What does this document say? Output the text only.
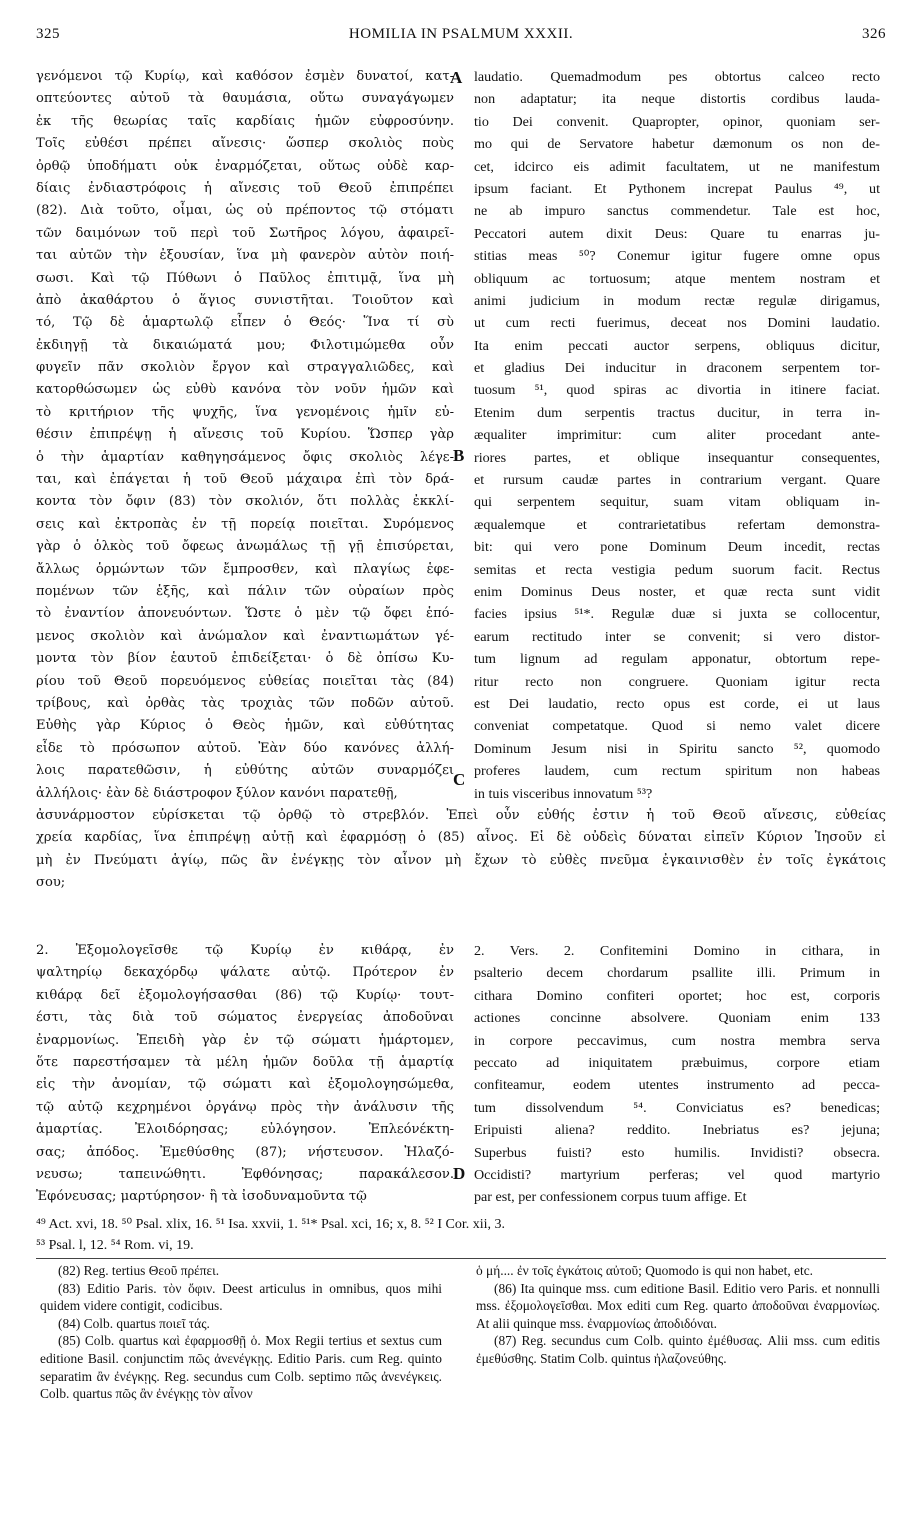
325	HOMILIA IN PSALMUM XXXII.	326
γενόμενοι τῷ Κυρίῳ, καὶ καθόσον ἐσμὲν δυνατοί, κατ-
οπτεύοντες αὐτοῦ τὰ θαυμάσια, οὕτω συναγάγωμεν
ἐκ τῆς θεωρίας ταῖς καρδίαις ἡμῶν εὐφροσύνην.
Τοῖς εὐθέσι πρέπει αἴνεσις· ὥσπερ σκολιὸς ποὺς
ὀρθῷ ὑποδήματι οὐκ ἐναρμόζεται, οὕτως οὐδὲ καρ-
δίαις ἐνδιαστρόφοις ἡ αἴνεσις τοῦ Θεοῦ ἐπιπρέπει
(82). Διὰ τοῦτο, οἶμαι, ὡς οὐ πρέποντος τῷ στόματι
τῶν δαιμόνων τοῦ περὶ τοῦ Σωτῆρος λόγου, ἀφαιρεῖ-
ται αὐτῶν τὴν ἐξουσίαν, ἵνα μὴ φανερὸν αὐτὸν ποιή-
σωσι. Καὶ τῷ Πύθωνι ὁ Παῦλος ἐπιτιμᾷ, ἵνα μὴ
ἀπὸ ἀκαθάρτου ὁ ἅγιος συνιστῆται. Τοιοῦτον καὶ
τό, Τῷ δὲ ἁμαρτωλῷ εἶπεν ὁ Θεός· Ἵνα τί σὺ
ἐκδιηγῇ τὰ δικαιώματά μου; Φιλοτιμώμεθα οὖν
φυγεῖν πᾶν σκολιὸν ἔργον καὶ στραγγαλιῶδες, καὶ
κατορθώσωμεν ὡς εὐθὺ κανόνα τὸν νοῦν ἡμῶν καὶ
τὸ κριτήριον τῆς ψυχῆς, ἵνα γενομένοις ἡμῖν εὐ-
θέσιν ἐπιπρέψῃ ἡ αἴνεσις τοῦ Κυρίου. Ὥσπερ γὰρ
ὁ τὴν ἁμαρτίαν καθηγησάμενος ὄφις σκολιὸς λέγε-
ται, καὶ ἐπάγεται ἡ τοῦ Θεοῦ μάχαιρα ἐπὶ τὸν δρά-
κοντα τὸν ὄφιν (83) τὸν σκολιόν, ὅτι πολλὰς ἐκκλί-
σεις καὶ ἐκτροπὰς ἐν τῇ πορείᾳ ποιεῖται. Συρόμενος
γὰρ ὁ ὁλκὸς τοῦ ὄφεως ἀνωμάλως τῇ γῇ ἐπισύρεται,
ἄλλως ὁρμώντων τῶν ἔμπροσθεν, καὶ πλαγίως ἑφε-
πομένων τῶν ἑξῆς, καὶ πάλιν τῶν οὐραίων πρὸς
τὸ ἐναντίον ἀπονευόντων. Ὥστε ὁ μὲν τῷ ὄφει ἑπό-
μενος σκολιὸν καὶ ἀνώμαλον καὶ ἐναντιωμάτων γέ-
μοντα τὸν βίον ἑαυτοῦ ἐπιδείξεται· ὁ δὲ ὀπίσω Κυ-
ρίου τοῦ Θεοῦ πορευόμενος εὐθείας ποιεῖται τὰς (84)
τρίβους, καὶ ὀρθὰς τὰς τροχιὰς τῶν ποδῶν αὐτοῦ.
Εὐθὴς γὰρ Κύριος ὁ Θεὸς ἡμῶν, καὶ εὐθύτητας
εἶδε τὸ πρόσωπον αὐτοῦ. Ἐὰν δύο κανόνες ἀλλή-
λοις παρατεθῶσιν, ἡ εὐθύτης αὐτῶν συναρμόζει
ἀλλήλοις· ἐὰν δὲ διάστροφον ξύλον κανόνι παρατεθῇ,
laudatio. Quemadmodum pes obtortus calceo recto
non adaptatur; ita neque distortis cordibus lauda-
tio Dei convenit. Quapropter, opinor, quoniam ser-
mo qui de Servatore habetur dæmonum os non de-
cet, idcirco eis adimit facultatem, ut ne manifestum
ipsum faciant. Et Pythonem increpat Paulus ⁴⁹, ut
ne ab impuro sanctus commendetur. Tale est hoc,
Peccatori autem dixit Deus: Quare tu enarras ju-
stitias meas ⁵⁰? Conemur igitur fugere omne opus
obliquum ac tortuosum; atque mentem nostram et
animi judicium in modum rectæ regulæ dirigamus,
ut cum recti fuerimus, deceat nos Domini laudatio.
Ita enim peccati auctor serpens, obliquus dicitur,
et gladius Dei inducitur in draconem serpentem tor-
tuosum ⁵¹, quod spiras ac divortia in itinere faciat.
Etenim dum serpentis tractus ducitur, in terra in-
æqualiter imprimitur: cum aliter procedant ante-
riores partes, et oblique insequantur consequentes,
et rursum caudæ partes in contrarium vergant. Quare
qui serpentem sequitur, suam vitam obliquam in-
æqualemque et contrarietatibus refertam demonstra-
bit: qui vero pone Dominum Deum incedit, rectas
semitas et recta vestigia pedum suorum facit. Rectus
enim Dominus Deus noster, et quæ recta sunt vidit
facies ipsius ⁵¹*. Regulæ duæ si juxta se collocentur,
earum rectitudo inter se convenit; si vero distor-
tum lignum ad regulam apponatur, obtortum repe-
ritur recto non congruere. Quoniam igitur recta
est Dei laudatio, recto opus est corde, ei ut laus
conveniat competatque. Quod si nemo valet dicere
Dominum Jesum nisi in Spiritu sancto ⁵², quomodo
proferes laudem, cum rectum spiritum non habeas
in tuis visceribus innovatum ⁵³?
A
B
C
D
ἀσυνάρμοστον εὑρίσκεται τῷ ὀρθῷ τὸ στρεβλόν. Ἐπεὶ οὖν εὐθής ἐστιν ἡ τοῦ Θεοῦ αἴνεσις, εὐθείας
χρεία καρδίας, ἵνα ἐπιπρέψῃ αὐτῇ καὶ ἐφαρμόσῃ ὁ (85) αἶνος. Εἰ δὲ οὐδεὶς δύναται εἰπεῖν Κύριον Ἰησοῦν εἰ
μὴ ἐν Πνεύματι ἁγίῳ, πῶς ἂν ἐνέγκῃς τὸν αἶνον μὴ ἔχων τὸ εὐθὲς πνεῦμα ἐγκαινισθὲν ἐν τοῖς ἐγκάτοις
σου;
2. Ἐξομολογεῖσθε τῷ Κυρίῳ ἐν κιθάρᾳ, ἐν
ψαλτηρίῳ δεκαχόρδῳ ψάλατε αὐτῷ. Πρότερον ἐν
κιθάρᾳ δεῖ ἐξομολογήσασθαι (86) τῷ Κυρίῳ· τουτ-
έστι, τὰς διὰ τοῦ σώματος ἐνεργείας ἀποδοῦναι
ἐναρμονίως. Ἐπειδὴ γὰρ ἐν τῷ σώματι ἡμάρτομεν,
ὅτε παρεστήσαμεν τὰ μέλη ἡμῶν δοῦλα τῇ ἁμαρτίᾳ
εἰς τὴν ἀνομίαν, τῷ σώματι καὶ ἐξομολογησώμεθα,
τῷ αὐτῷ κεχρημένοι ὀργάνῳ πρὸς τὴν ἀνάλυσιν τῆς
ἁμαρτίας. Ἐλοιδόρησας; εὐλόγησον. Ἐπλεόνέκτη-
σας; ἀπόδος. Ἐμεθύσθης (87); νήστευσον. Ἠλαζό-
νευσω; ταπεινώθητι. Ἐφθόνησας; παρακάλεσον.
Ἐφόνευσας; μαρτύρησον· ἢ τὰ ἰσοδυναμοῦντα τῷ
2. Vers. 2. Confitemini Domino in cithara, in
psalterio decem chordarum psallite illi. Primum in
cithara Domino confiteri oportet; hoc est, corporis
actiones concinne absolvere. Quoniam enim 133
in corpore peccavimus, cum nostra membra serva
peccato ad iniquitatem præbuimus, corpore etiam
confiteamur, eodem utentes instrumento ad pecca-
tum dissolvendum ⁵⁴. Conviciatus es? benedicas;
Eripuisti aliena? reddito. Inebriatus es? jejuna;
Superbus fuisti? esto humilis. Invidisti? obsecra.
Occidisti? martyrium perferas; vel quod martyrio
par est, per confessionem corpus tuum affige. Et
⁴⁹ Act. xvi, 18. ⁵⁰ Psal. xlix, 16. ⁵¹ Isa. xxvii, 1. ⁵¹* Psal. xci, 16; x, 8. ⁵² I Cor. xii, 3.
⁵³ Psal. l, 12. ⁵⁴ Rom. vi, 19.
(82) Reg. tertius Θεοῦ πρέπει.
(83) Editio Paris. τὸν ὄφιν. Deest articulus in omnibus, quos mihi quidem videre contigit, codicibus.
(84) Colb. quartus ποιεῖ τάς.
(85) Colb. quartus καὶ ἐφαρμοσθῇ ὁ. Mox Regii tertius et sextus cum editione Basil. conjunctim πῶς ἀνενέγκῃς. Editio Paris. cum Reg. quinto separatim ἂν ἐνέγκῃς. Reg. secundus cum Colb. septimo πῶς ἀνενέγκεις. Colb. quartus πῶς ἂν ἐνέγκῃς τὸν αἶνον
ὁ μή.... ἐν τοῖς ἐγκάτοις αὐτοῦ; Quomodo is qui non habet, etc.
(86) Ita quinque mss. cum editione Basil. Editio vero Paris. et nonnulli mss. ἐξομολογεῖσθαι. Mox editi cum Reg. quarto ἀποδοῦναι ἐναρμονίως. At alii quinque mss. ἐναρμονίως ἀποδιδόναι.
(87) Reg. secundus cum Colb. quinto ἐμέθυσας. Alii mss. cum editis ἐμεθύσθης. Statim Colb. quintus ἠλαζονεύθης.
